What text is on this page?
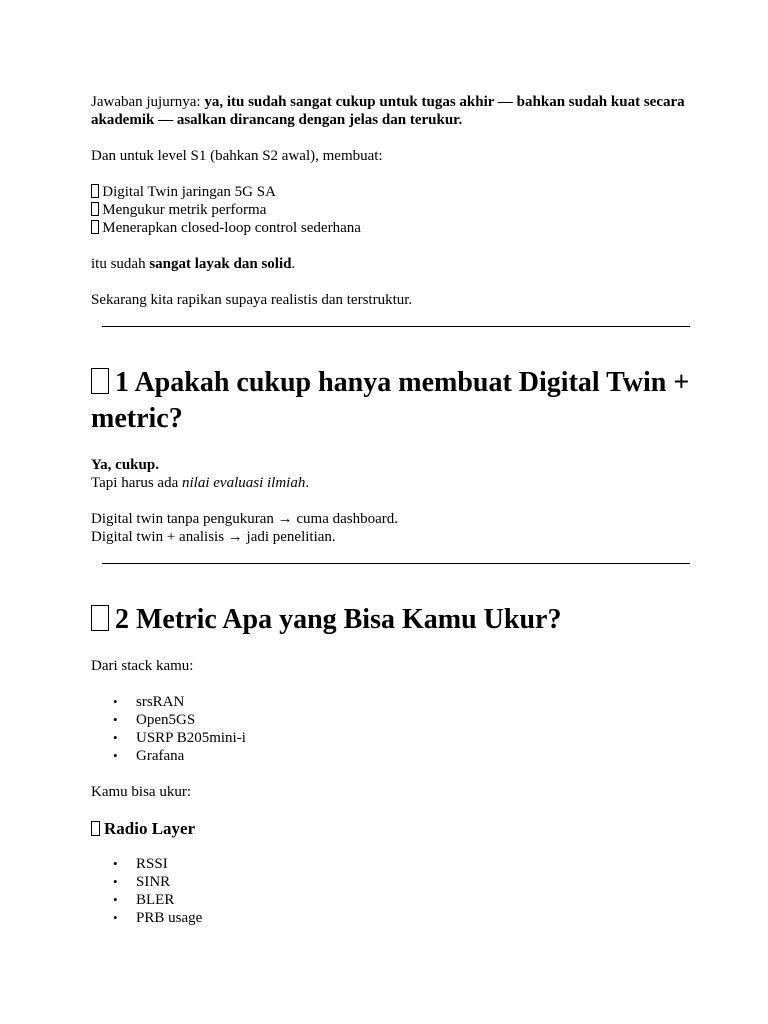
Jawaban jujurnya: ya, itu sudah sangat cukup untuk tugas akhir — bahkan sudah kuat secara akademik — asalkan dirancang dengan jelas dan terukur.

Dan untuk level S1 (bahkan S2 awal), membuat:

Digital Twin jaringan 5G SA

Mengukur metrik performa

Menerapkan closed-loop control sederhana

itu sudah sangat layak dan solid.

Sekarang kita rapikan supaya realistis dan terstruktur.

1 Apakah cukup hanya membuat Digital Twin + metric?

Ya, cukup.

Tapi harus ada nilai evaluasi ilmiah.

Digital twin tanpa pengukuran → cuma dashboard.

Digital twin + analisis → jadi penelitian.

2 Metric Apa yang Bisa Kamu Ukur?

Dari stack kamu:

• srsRAN
• Open5GS
• USRP B205mini-i
• Grafana

Kamu bisa ukur:

Radio Layer
• RSSI
• SINR
• BLER
• PRB usage
